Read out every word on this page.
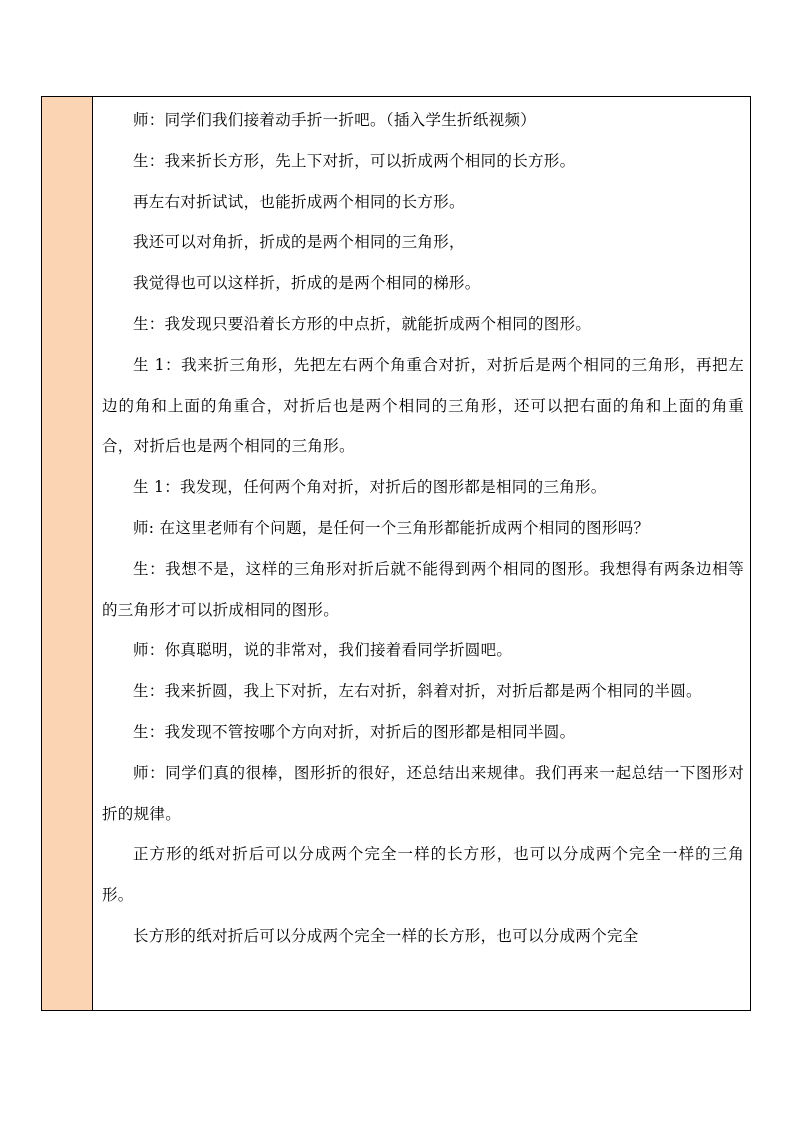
师：同学们我们接着动手折一折吧。（插入学生折纸视频）

生：我来折长方形，先上下对折，可以折成两个相同的长方形。

再左右对折试试，也能折成两个相同的长方形。

我还可以对角折，折成的是两个相同的三角形，

我觉得也可以这样折，折成的是两个相同的梯形。

生：我发现只要沿着长方形的中点折，就能折成两个相同的图形。

生 1：我来折三角形，先把左右两个角重合对折，对折后是两个相同的三角形，再把左边的角和上面的角重合，对折后也是两个相同的三角形，还可以把右面的角和上面的角重合，对折后也是两个相同的三角形。

生 1：我发现，任何两个角对折，对折后的图形都是相同的三角形。

师: 在这里老师有个问题，是任何一个三角形都能折成两个相同的图形吗？

生：我想不是，这样的三角形对折后就不能得到两个相同的图形。我想得有两条边相等的三角形才可以折成相同的图形。

师：你真聪明，说的非常对，我们接着看同学折圆吧。

生：我来折圆，我上下对折，左右对折，斜着对折，对折后都是两个相同的半圆。

生：我发现不管按哪个方向对折，对折后的图形都是相同半圆。

师：同学们真的很棒，图形折的很好，还总结出来规律。我们再来一起总结一下图形对折的规律。

正方形的纸对折后可以分成两个完全一样的长方形，也可以分成两个完全一样的三角形。

长方形的纸对折后可以分成两个完全一样的长方形，也可以分成两个完全
